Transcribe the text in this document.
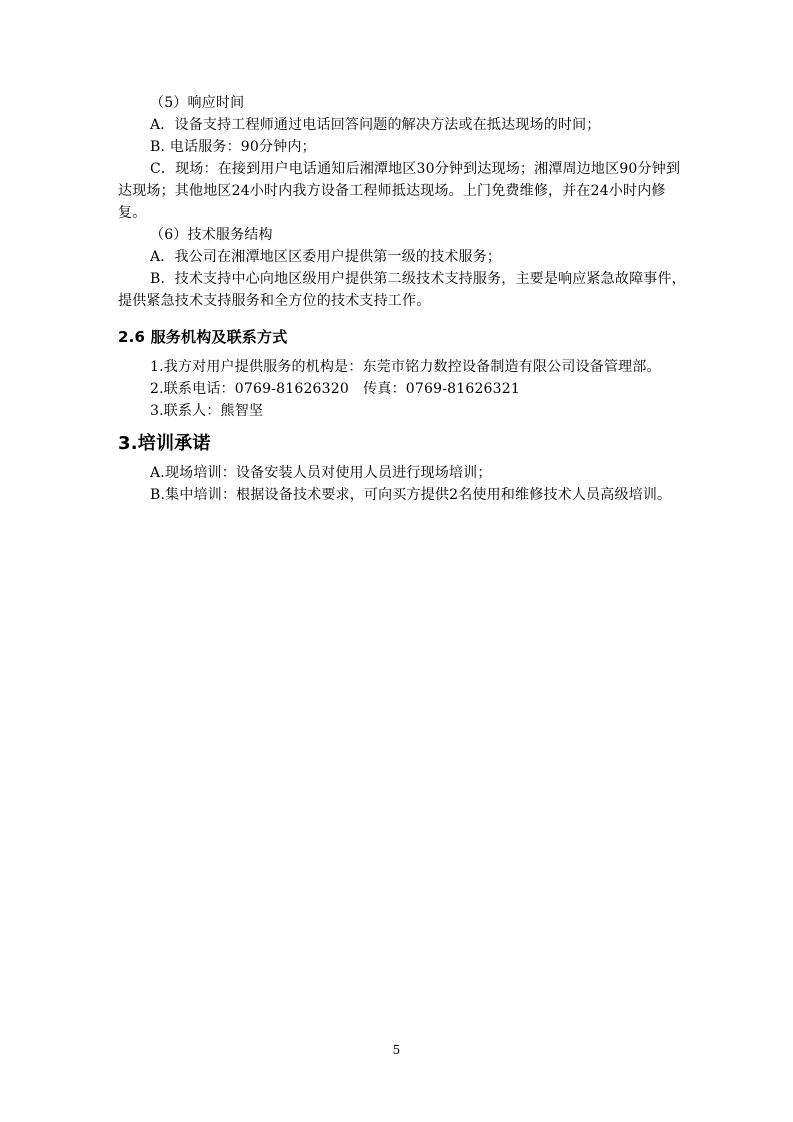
（5）响应时间

A．设备支持工程师通过电话回答问题的解决方法或在抵达现场的时间；

B. 电话服务：90分钟内；

C．现场：在接到用户电话通知后湘潭地区30分钟到达现场；湘潭周边地区90分钟到达现场；其他地区24小时内我方设备工程师抵达现场。上门免费维修，并在24小时内修复。

（6）技术服务结构

A．我公司在湘潭地区区委用户提供第一级的技术服务；

B．技术支持中心向地区级用户提供第二级技术支持服务，主要是响应紧急故障事件，提供紧急技术支持服务和全方位的技术支持工作。

2.6 服务机构及联系方式

1.我方对用户提供服务的机构是：东莞市铭力数控设备制造有限公司设备管理部。

2.联系电话：0769-81626320　传真：0769-81626321

3.联系人：熊智坚

3.培训承诺

A.现场培训：设备安装人员对使用人员进行现场培训；

B.集中培训：根据设备技术要求，可向买方提供2名使用和维修技术人员高级培训。

5
